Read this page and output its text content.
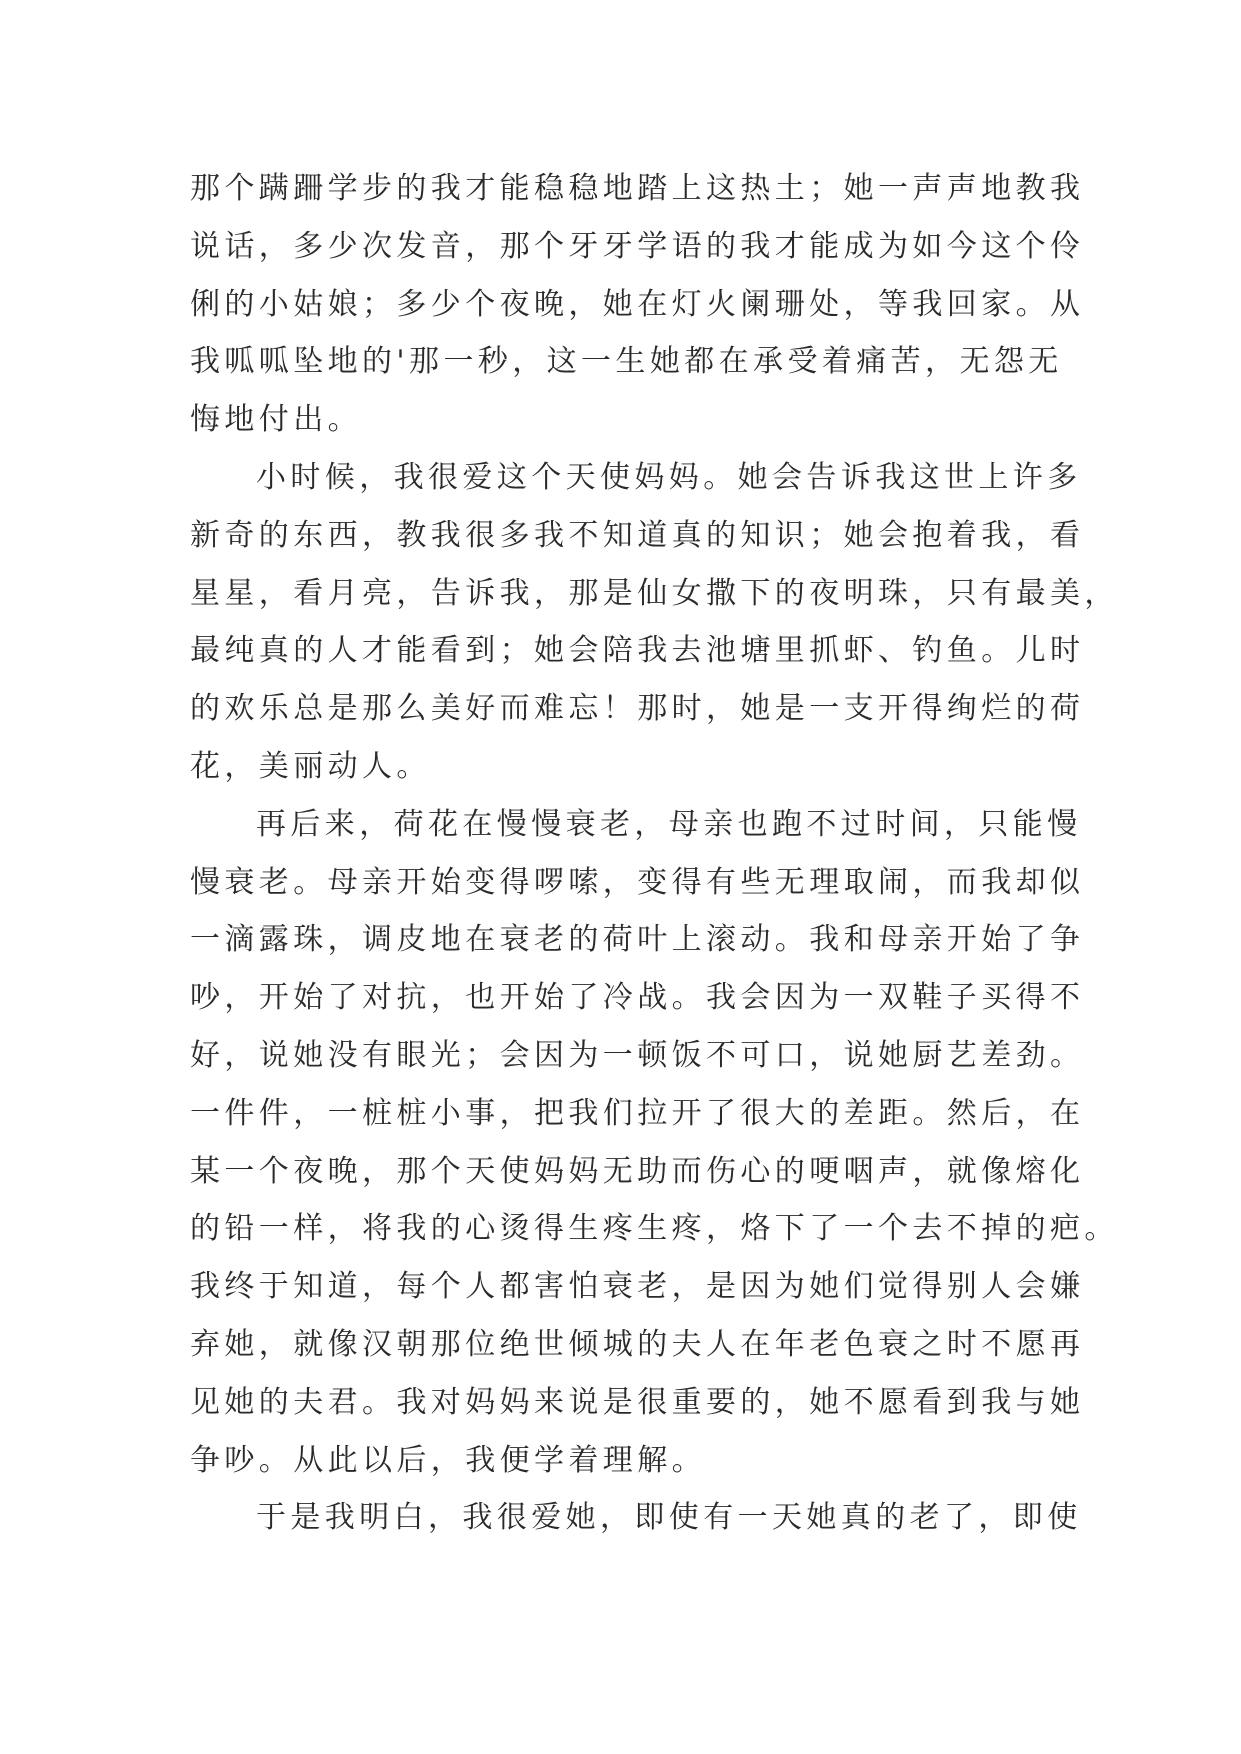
那个蹒跚学步的我才能稳稳地踏上这热土；她一声声地教我
说话，多少次发音，那个牙牙学语的我才能成为如今这个伶
俐的小姑娘；多少个夜晚，她在灯火阑珊处，等我回家。从
我呱呱坠地的'那一秒，这一生她都在承受着痛苦，无怨无
悔地付出。
小时候，我很爱这个天使妈妈。她会告诉我这世上许多
新奇的东西，教我很多我不知道真的知识；她会抱着我，看
星星，看月亮，告诉我，那是仙女撒下的夜明珠，只有最美，
最纯真的人才能看到；她会陪我去池塘里抓虾、钓鱼。儿时
的欢乐总是那么美好而难忘！那时，她是一支开得绚烂的荷
花，美丽动人。
再后来，荷花在慢慢衰老，母亲也跑不过时间，只能慢
慢衰老。母亲开始变得啰嗦，变得有些无理取闹，而我却似
一滴露珠，调皮地在衰老的荷叶上滚动。我和母亲开始了争
吵，开始了对抗，也开始了冷战。我会因为一双鞋子买得不
好，说她没有眼光；会因为一顿饭不可口，说她厨艺差劲。
一件件，一桩桩小事，把我们拉开了很大的差距。然后，在
某一个夜晚，那个天使妈妈无助而伤心的哽咽声，就像熔化
的铅一样，将我的心烫得生疼生疼，烙下了一个去不掉的疤。
我终于知道，每个人都害怕衰老，是因为她们觉得别人会嫌
弃她，就像汉朝那位绝世倾城的夫人在年老色衰之时不愿再
见她的夫君。我对妈妈来说是很重要的，她不愿看到我与她
争吵。从此以后，我便学着理解。
于是我明白，我很爱她，即使有一天她真的老了，即使
